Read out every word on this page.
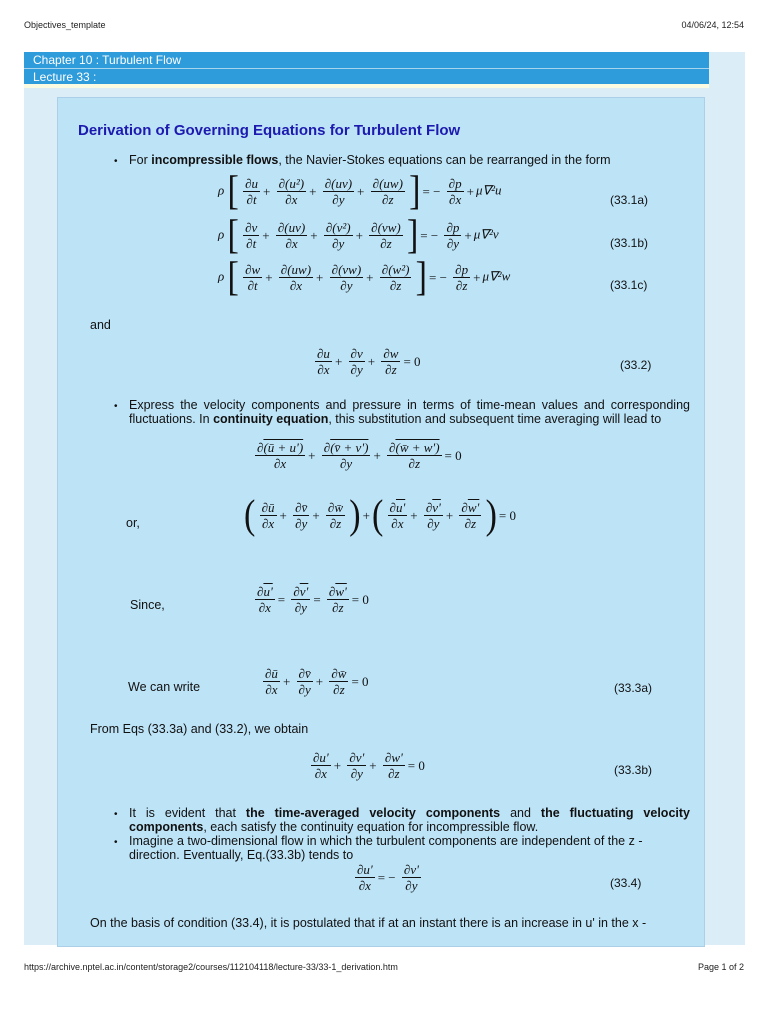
Objectives_template	04/06/24, 12:54
Chapter 10 : Turbulent Flow
Lecture 33 :
Derivation of Governing Equations for Turbulent Flow
• For incompressible flows, the Navier-Stokes equations can be rearranged in the form
ρ [ $\frac{\partial u}{\partial t} + \frac{\text{∂(u²)}}{\partial x} + \frac{\partial(uv)}{\partial y} + \frac{\partial(uw)}{\partial z}$ ] = − $\frac{\partial p}{\partial x} + \mu\nabla^2u$
(33.1a)
ρ [ $\frac{\partial v}{\partial t} + \frac{\partial(uv)}{\partial x} + \frac{\text{∂(v²)}}{\partial y} + \frac{\partial(vw)}{\partial z}$ ] = − $\frac{\partial p}{\partial y} + \mu\nabla^2v$
(33.1b)
ρ [ $\frac{\partial w}{\partial t} + \frac{\partial(uw)}{\partial x} + \frac{\partial(vw)}{\partial y} + \frac{\text{∂(w²)}}{\partial z}$ ] = − $\frac{\partial p}{\partial z} + \mu\nabla^2w$
(33.1c)
and
$\frac{\partial u}{\partial x} + \frac{\partial v}{\partial y} + \frac{\partial w}{\partial z} = 0$	(33.2)
• Express the velocity components and pressure in terms of time-mean values and corresponding fluctuations. In continuity equation, this substitution and subsequent time averaging will lead to
$\frac{\partial(ū + u')}{\partial x} + \frac{\partial(v̄ + v')}{\partial y} + \frac{\partial(w̄ + w')}{\partial z} = 0$
or,	( $\frac{\partial ū}{\partial x} + \frac{\partial v̄}{\partial y} + \frac{\partial w̄}{\partial z}$ ) +( $\frac{\partial u'}{\partial x} + \frac{\partial v'}{\partial y} + \frac{\partial w'}{\partial z}$ ) = 0
Since,	$\frac{\partial u'}{\partial x} = \frac{\partial v'}{\partial y} = \frac{\partial w'}{\partial z} = 0$
We can write	$\frac{\partial ū}{\partial x} + \frac{\partial v̄}{\partial y} + \frac{\partial w̄}{\partial z} = 0$	(33.3a)
From Eqs (33.3a) and (33.2), we obtain
$\frac{\partial u'}{\partial x} + \frac{\partial v'}{\partial y} + \frac{\partial w'}{\partial z} = 0$	(33.3b)
• It is evident that the time-averaged velocity components and the fluctuating velocity components, each satisfy the continuity equation for incompressible flow.
• Imagine a two-dimensional flow in which the turbulent components are independent of the z - direction. Eventually, Eq.(33.3b) tends to
$\frac{\partial u'}{\partial x}$ = − $\frac{\partial v'}{\partial y}$	(33.4)
On the basis of condition (33.4), it is postulated that if at an instant there is an increase in u' in the x -
https://archive.nptel.ac.in/content/storage2/courses/112104118/lecture-33/33-1_derivation.htm	Page 1 of 2
